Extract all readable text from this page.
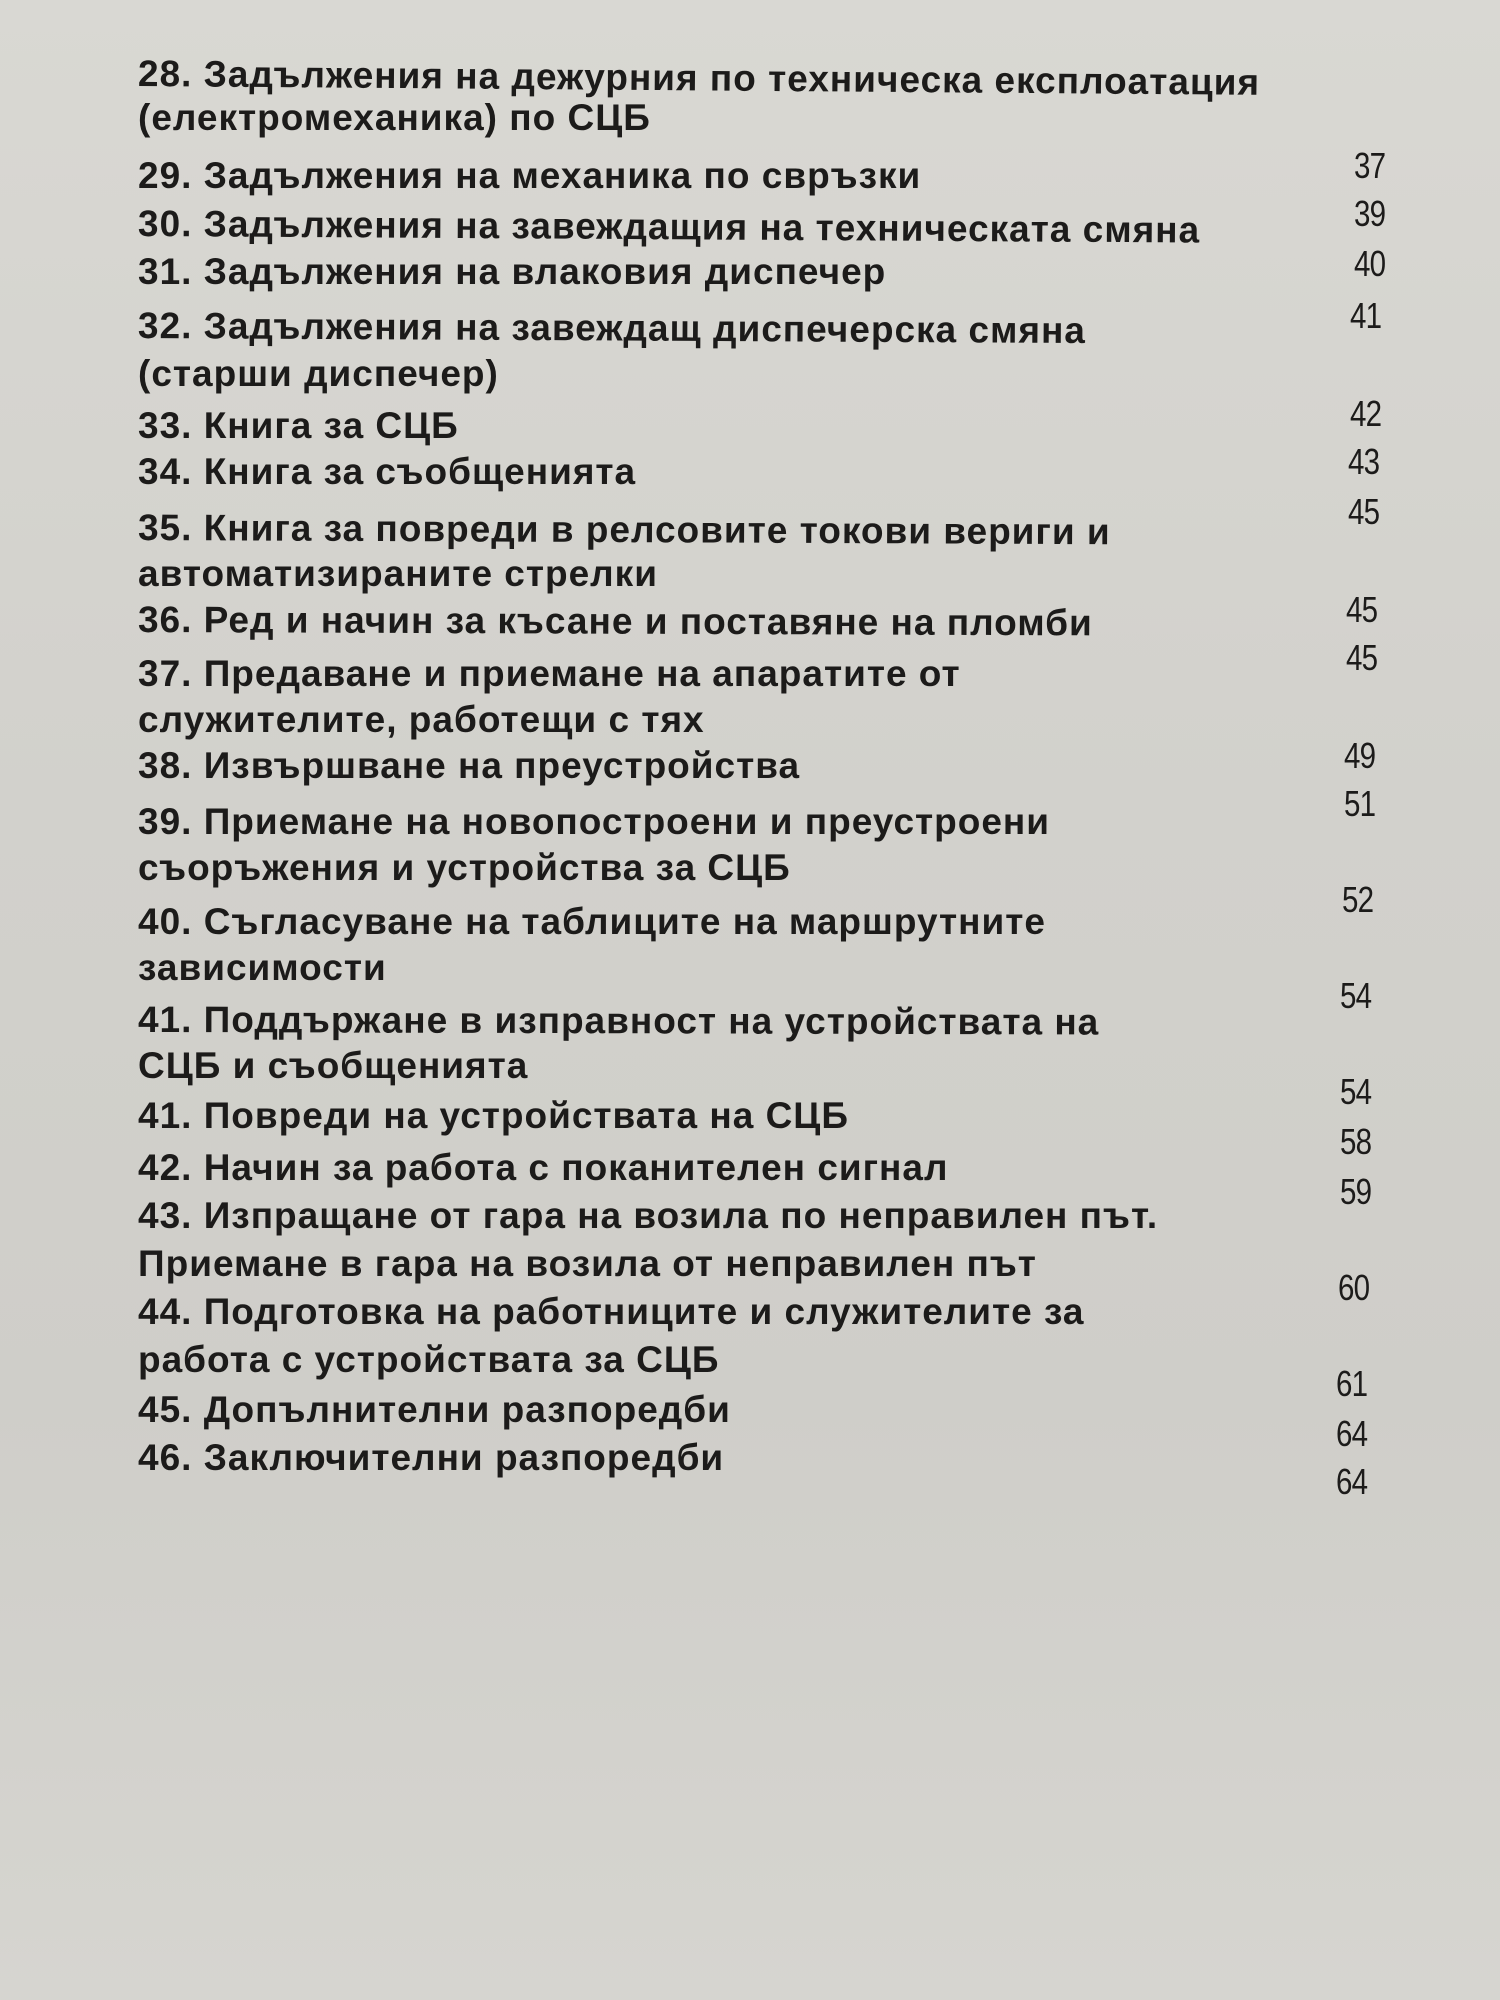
28. Задължения на дежурния по техническа експлоатация
(електромеханика) по СЦБ
29. Задължения на механика по свръзки
30. Задължения на завеждащия на техническата смяна
31. Задължения на влаковия диспечер
32. Задължения на завеждащ диспечерска смяна
(старши диспечер)
33. Книга за СЦБ
34. Книга за съобщенията
35. Книга за повреди в релсовите токови вериги и
автоматизираните стрелки
36. Ред и начин за късане и поставяне на пломби
37. Предаване и приемане на апаратите от
служителите, работещи с тях
38. Извършване на преустройства
39. Приемане на новопостроени и преустроени
съоръжения и устройства за СЦБ
40. Съгласуване на таблиците на маршрутните
зависимости
41. Поддържане в изправност на устройствата на
СЦБ и съобщенията
41. Повреди на устройствата на СЦБ
42. Начин за работа с поканителен сигнал
43. Изпращане от гара на возила по неправилен път.
Приемане в гара на возила от неправилен път
44. Подготовка на работниците и служителите за
работа с устройствата за СЦБ
45. Допълнителни разпоредби
46. Заключителни разпоредби
37
39
40
41
42
43
45
45
45
49
51
52
54
54
58
59
60
61
64
64
